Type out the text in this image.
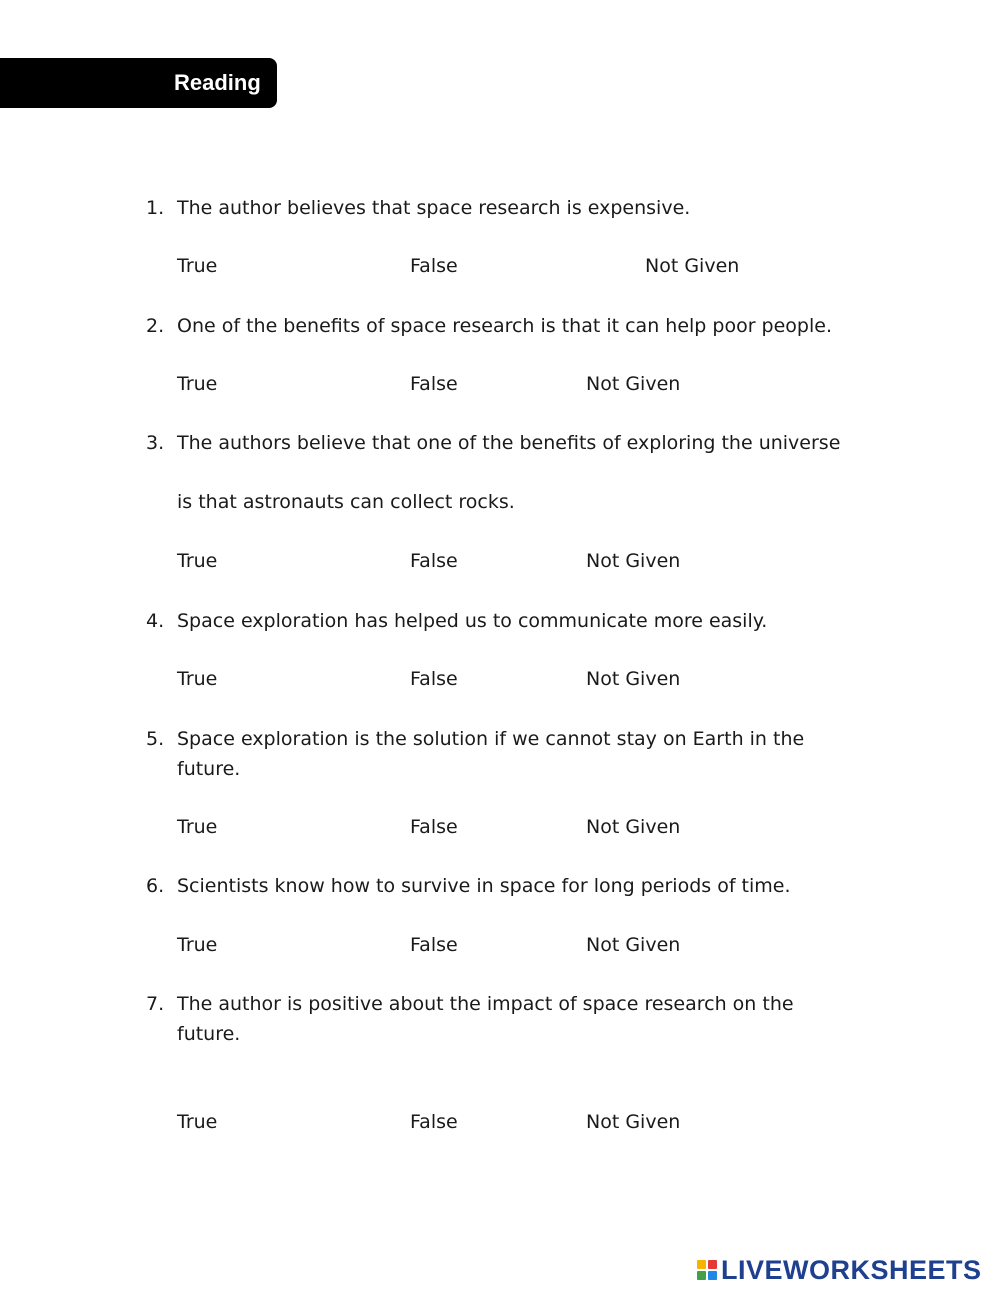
Reading
1. The author believes that space research is expensive.
True	False	Not Given
2. One of the benefits of space research is that it can help poor people.
True	False	Not Given
3. The authors believe that one of the benefits of exploring the universe
is that astronauts can collect rocks.
True	False	Not Given
4. Space exploration has helped us to communicate more easily.
True	False	Not Given
5. Space exploration is the solution if we cannot stay on Earth in the
future.
True	False	Not Given
6. Scientists know how to survive in space for long periods of time.
True	False	Not Given
7. The author is positive about the impact of space research on the
future.
True	False	Not Given
LIVEWORKSHEETS
